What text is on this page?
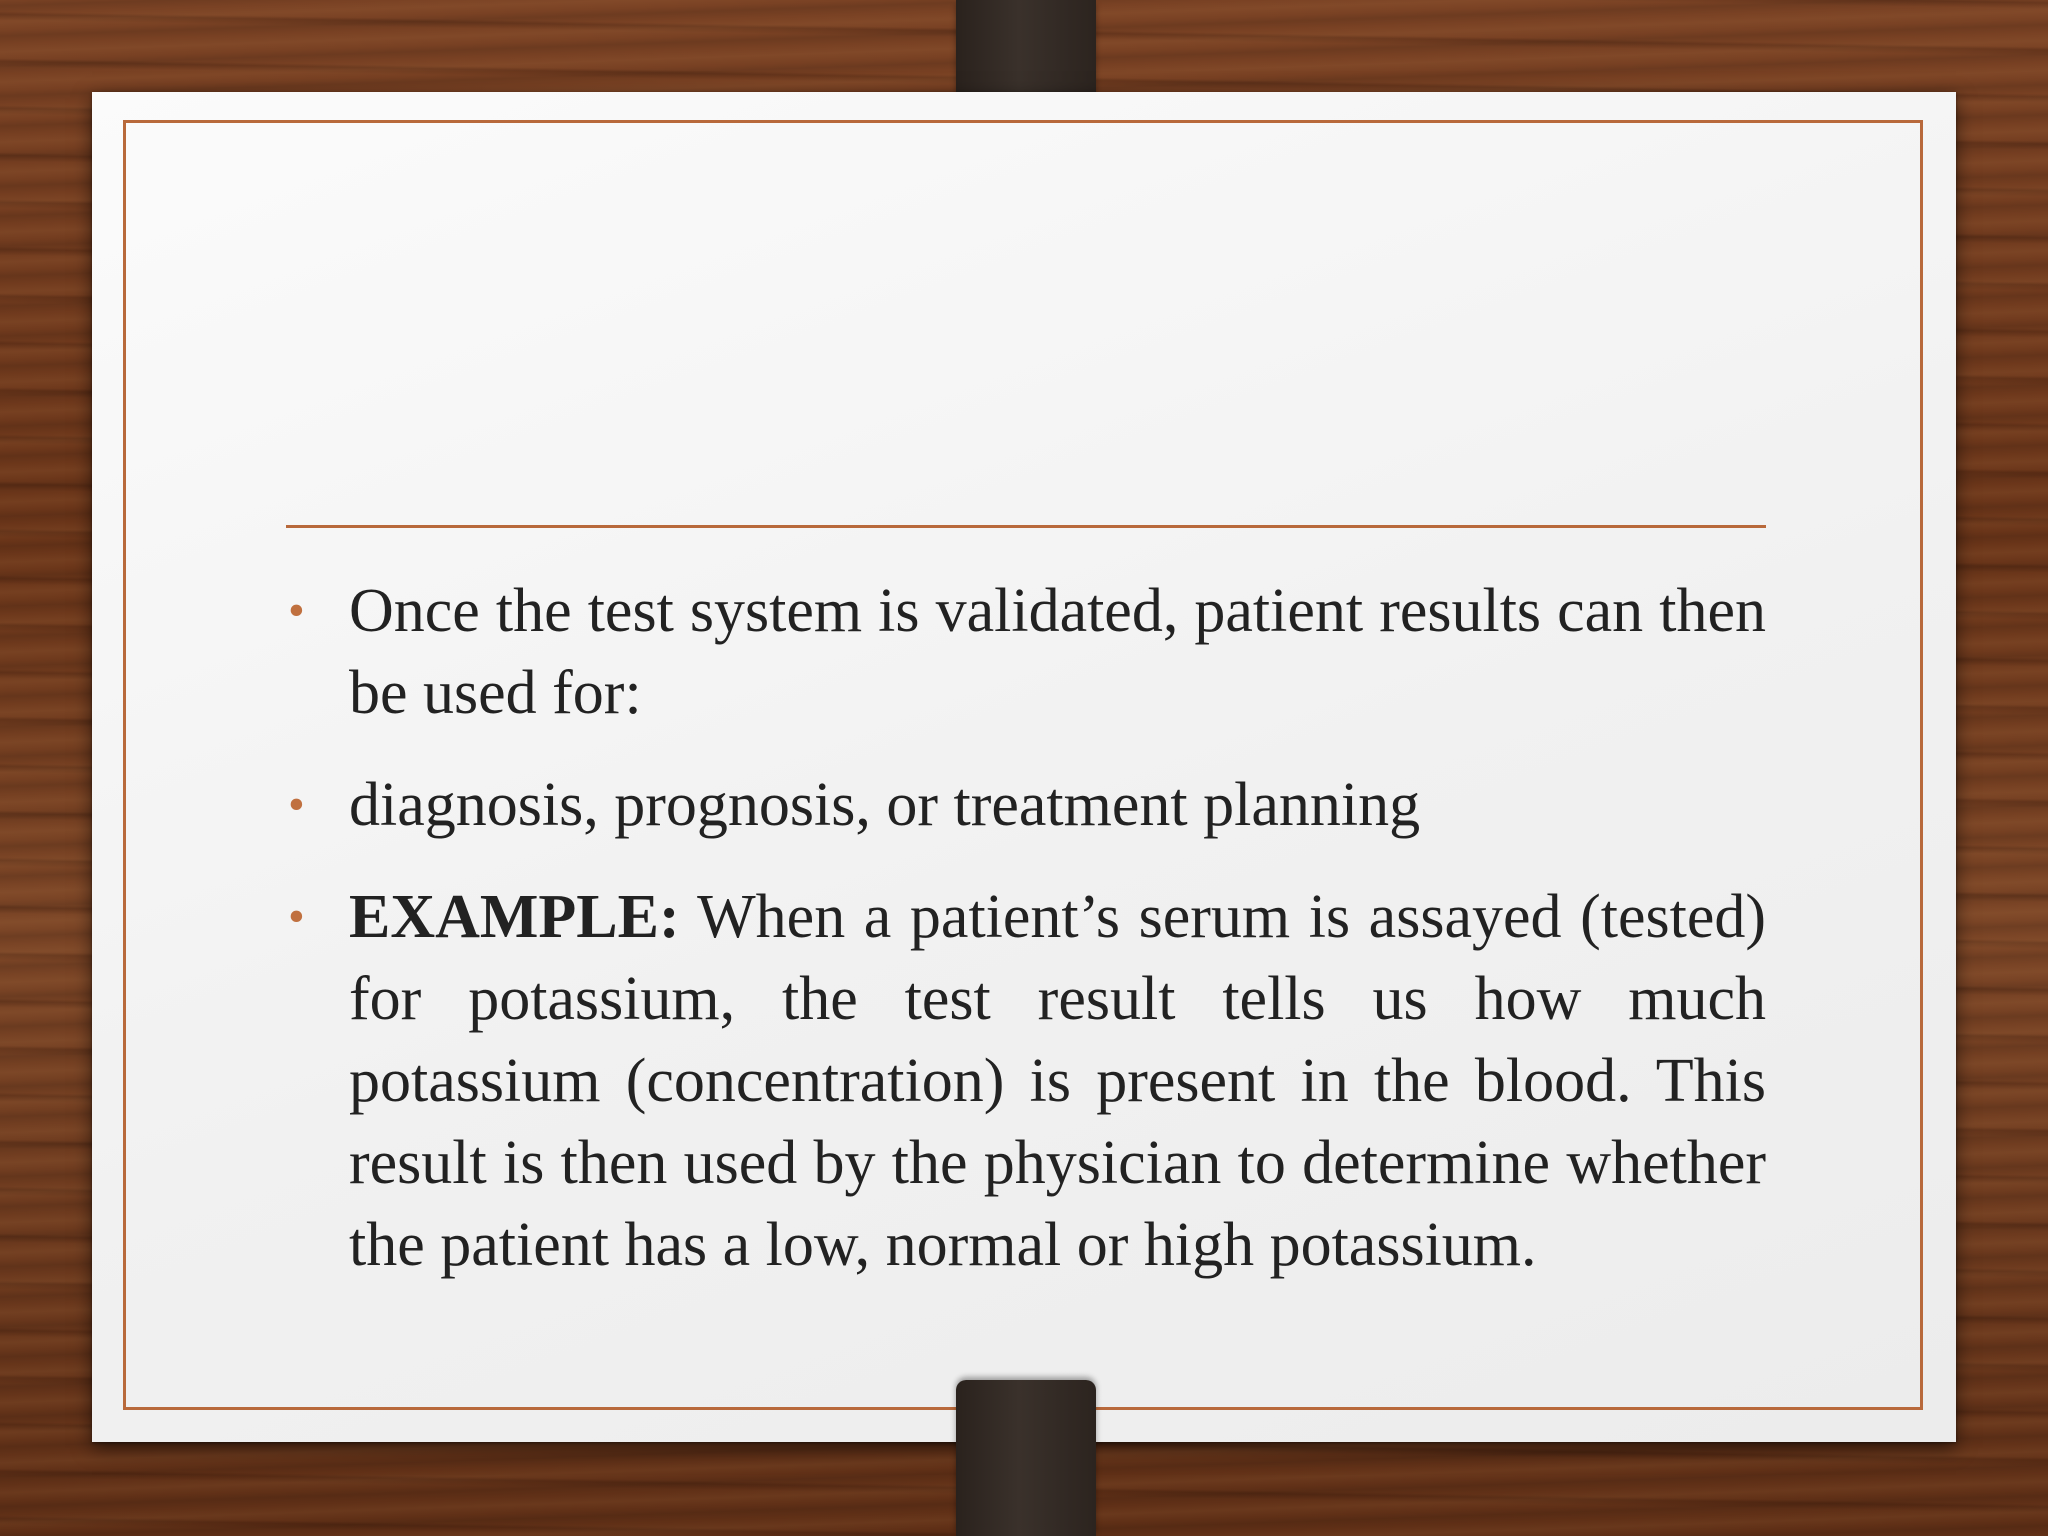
• Once the test system is validated, patient results can then be used for:
• diagnosis, prognosis, or treatment planning
• EXAMPLE: When a patient’s serum is assayed (tested) for potassium, the test result tells us how much potassium (concentration) is present in the blood. This result is then used by the physician to determine whether the patient has a low, normal or high potassium.
